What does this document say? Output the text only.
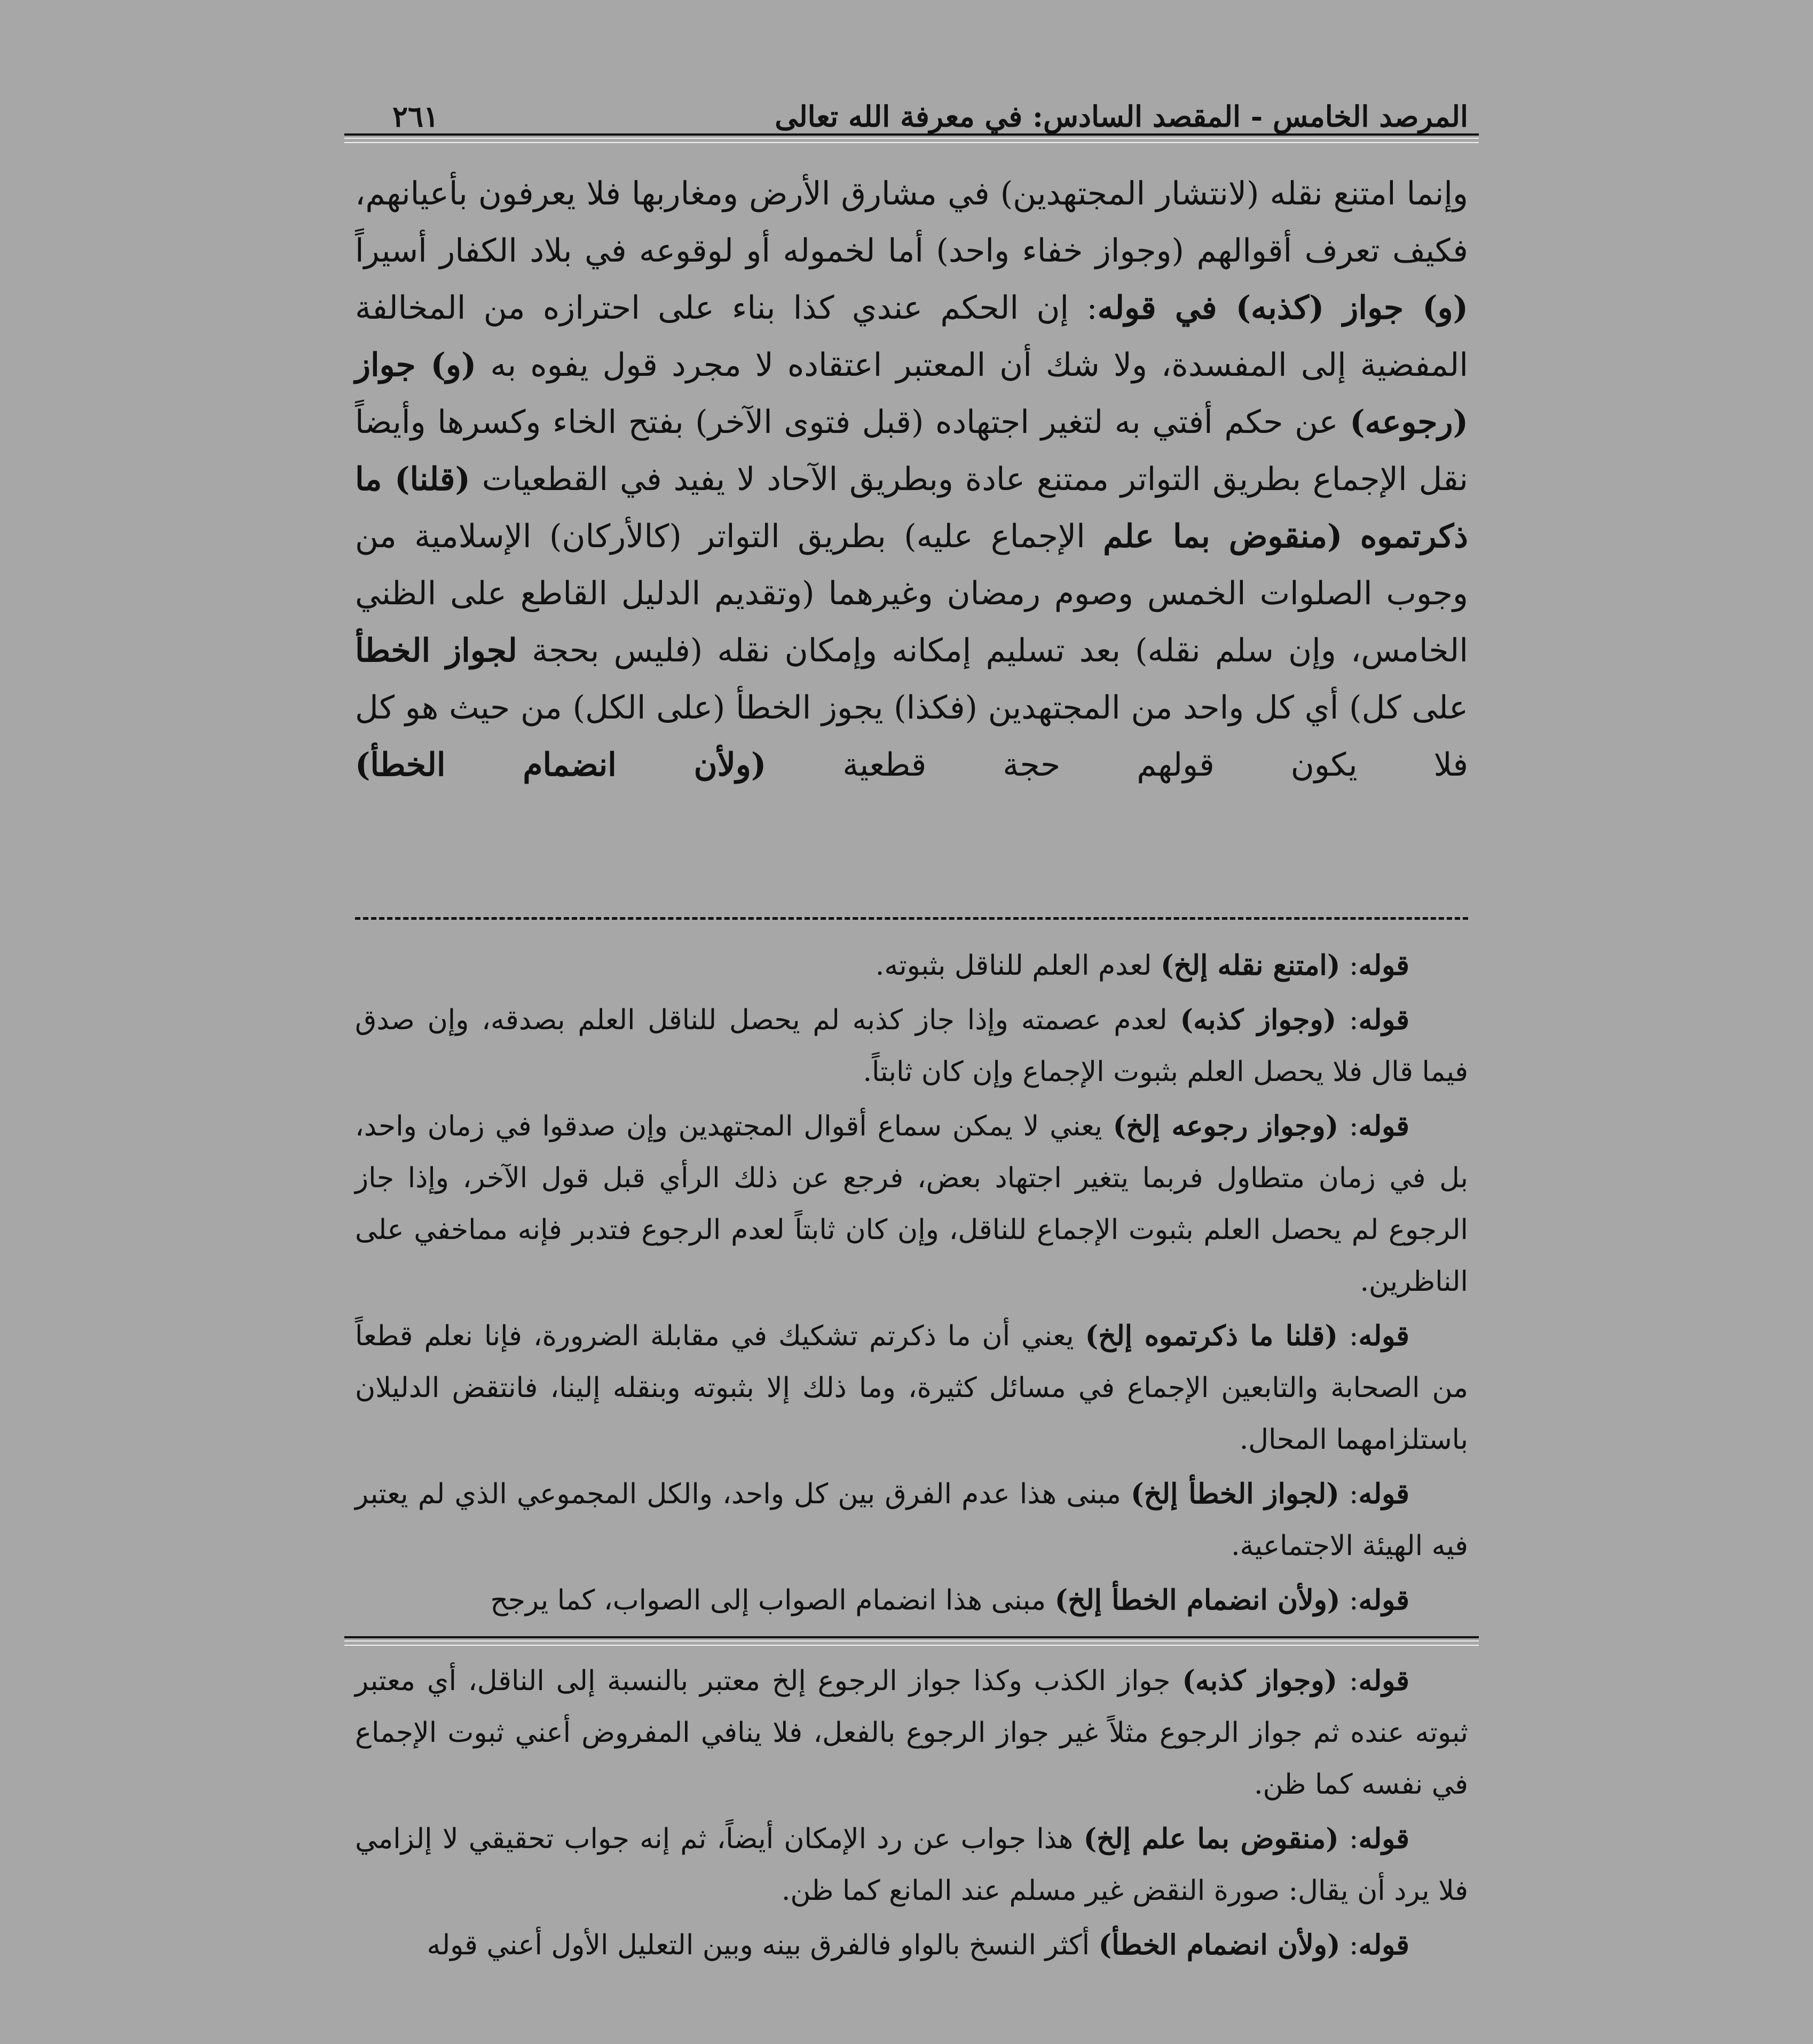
المرصد الخامس - المقصد السادس: في معرفة الله تعالى
٢٦١

وإنما امتنع نقله (لانتشار المجتهدين) في مشارق الأرض ومغاربها فلا يعرفون بأعيانهم، فكيف تعرف أقوالهم (وجواز خفاء واحد) أما لخموله أو لوقوعه في بلاد الكفار أسيراً (و) جواز (كذبه) في قوله: إن الحكم عندي كذا بناء على احترازه من المخالفة المفضية إلى المفسدة، ولا شك أن المعتبر اعتقاده لا مجرد قول يفوه به (و) جواز (رجوعه) عن حكم أفتي به لتغير اجتهاده (قبل فتوى الآخر) بفتح الخاء وكسرها وأيضاً نقل الإجماع بطريق التواتر ممتنع عادة وبطريق الآحاد لا يفيد في القطعيات (قلنا) ما ذكرتموه (منقوض بما علم الإجماع عليه) بطريق التواتر (كالأركان) الإسلامية من وجوب الصلوات الخمس وصوم رمضان وغيرهما (وتقديم الدليل القاطع على الظني الخامس، وإن سلم نقله) بعد تسليم إمكانه وإمكان نقله (فليس بحجة لجواز الخطأ على كل) أي كل واحد من المجتهدين (فكذا) يجوز الخطأ (على الكل) من حيث هو كل فلا يكون قولهم حجة قطعية (ولأن انضمام الخطأ)

قوله: (امتنع نقله إلخ) لعدم العلم للناقل بثبوته.

قوله: (وجواز كذبه) لعدم عصمته وإذا جاز كذبه لم يحصل للناقل العلم بصدقه، وإن صدق فيما قال فلا يحصل العلم بثبوت الإجماع وإن كان ثابتاً.

قوله: (وجواز رجوعه إلخ) يعني لا يمكن سماع أقوال المجتهدين وإن صدقوا في زمان واحد، بل في زمان متطاول فربما يتغير اجتهاد بعض، فرجع عن ذلك الرأي قبل قول الآخر، وإذا جاز الرجوع لم يحصل العلم بثبوت الإجماع للناقل، وإن كان ثابتاً لعدم الرجوع فتدبر فإنه مماخفي على الناظرين.

قوله: (قلنا ما ذكرتموه إلخ) يعني أن ما ذكرتم تشكيك في مقابلة الضرورة، فإنا نعلم قطعاً من الصحابة والتابعين الإجماع في مسائل كثيرة، وما ذلك إلا بثبوته وبنقله إلينا، فانتقض الدليلان باستلزامهما المحال.

قوله: (لجواز الخطأ إلخ) مبنى هذا عدم الفرق بين كل واحد، والكل المجموعي الذي لم يعتبر فيه الهيئة الاجتماعية.

قوله: (ولأن انضمام الخطأ إلخ) مبنى هذا انضمام الصواب إلى الصواب، كما يرجح

قوله: (وجواز كذبه) جواز الكذب وكذا جواز الرجوع إلخ معتبر بالنسبة إلى الناقل، أي معتبر ثبوته عنده ثم جواز الرجوع مثلاً غير جواز الرجوع بالفعل، فلا ينافي المفروض أعني ثبوت الإجماع في نفسه كما ظن.

قوله: (منقوض بما علم إلخ) هذا جواب عن رد الإمكان أيضاً، ثم إنه جواب تحقيقي لا إلزامي فلا يرد أن يقال: صورة النقض غير مسلم عند المانع كما ظن.

قوله: (ولأن انضمام الخطأ) أكثر النسخ بالواو فالفرق بينه وبين التعليل الأول أعني قوله
